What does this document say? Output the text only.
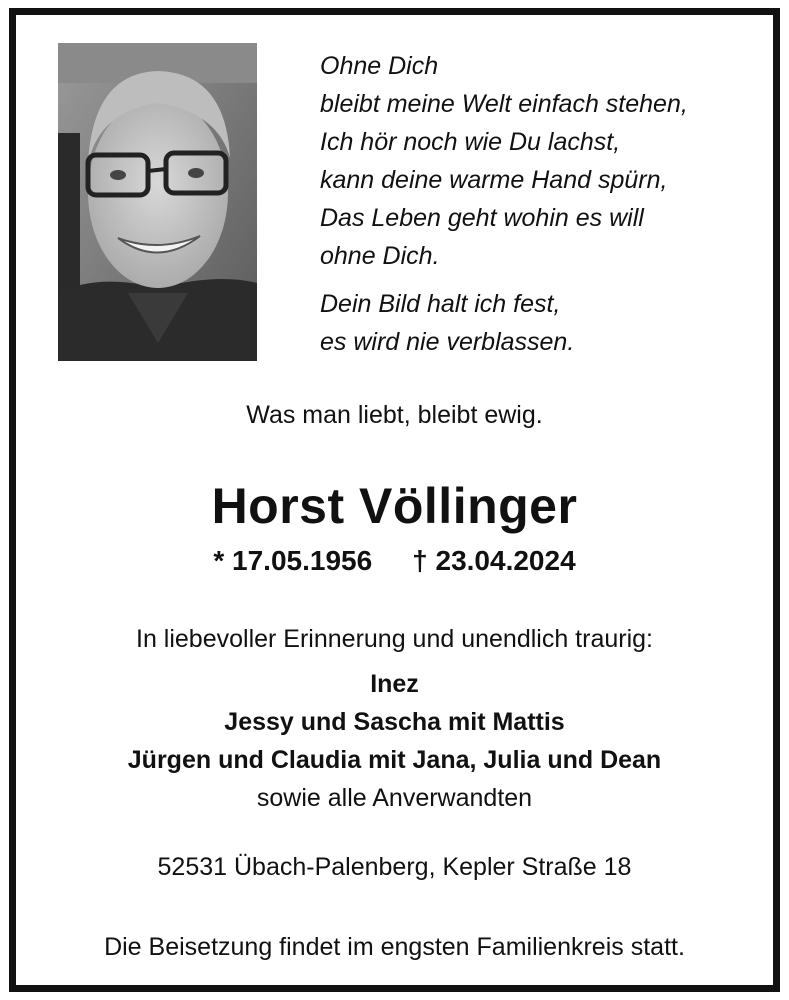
Ohne Dich
bleibt meine Welt einfach stehen,
Ich hör noch wie Du lachst,
kann deine warme Hand spürn,
Das Leben geht wohin es will
ohne Dich.
Dein Bild halt ich fest,
es wird nie verblassen.
Was man liebt, bleibt ewig.
Horst Völlinger
* 17.05.1956 † 23.04.2024
In liebevoller Erinnerung und unendlich traurig:
Inez
Jessy und Sascha mit Mattis
Jürgen und Claudia mit Jana, Julia und Dean
sowie alle Anverwandten
52531 Übach-Palenberg, Kepler Straße 18
Die Beisetzung findet im engsten Familienkreis statt.
